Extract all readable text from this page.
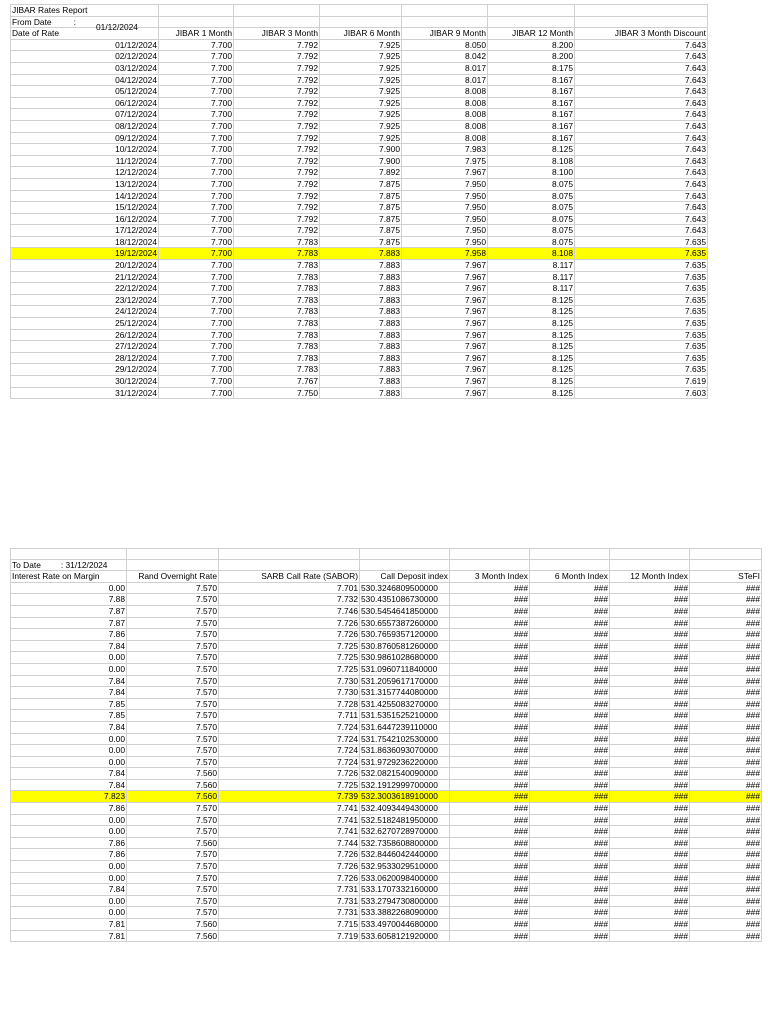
JIBAR Rates Report						
From Date :	01/12/2024					

Date of Rate	JIBAR 1 Month	JIBAR 3 Month	JIBAR 6 Month	JIBAR 9 Month	JIBAR 12 Month	JIBAR 3 Month Discount
01/12/2024	7.700	7.792	7.925	8.050	8.200	7.643
02/12/2024	7.700	7.792	7.925	8.042	8.200	7.643
03/12/2024	7.700	7.792	7.925	8.017	8.175	7.643
04/12/2024	7.700	7.792	7.925	8.017	8.167	7.643
05/12/2024	7.700	7.792	7.925	8.008	8.167	7.643
06/12/2024	7.700	7.792	7.925	8.008	8.167	7.643
07/12/2024	7.700	7.792	7.925	8.008	8.167	7.643
08/12/2024	7.700	7.792	7.925	8.008	8.167	7.643
09/12/2024	7.700	7.792	7.925	8.008	8.167	7.643
10/12/2024	7.700	7.792	7.900	7.983	8.125	7.643
11/12/2024	7.700	7.792	7.900	7.975	8.108	7.643
12/12/2024	7.700	7.792	7.892	7.967	8.100	7.643
13/12/2024	7.700	7.792	7.875	7.950	8.075	7.643
14/12/2024	7.700	7.792	7.875	7.950	8.075	7.643
15/12/2024	7.700	7.792	7.875	7.950	8.075	7.643
16/12/2024	7.700	7.792	7.875	7.950	8.075	7.643
17/12/2024	7.700	7.792	7.875	7.950	8.075	7.643
18/12/2024	7.700	7.783	7.875	7.950	8.075	7.635
19/12/2024	7.700	7.783	7.883	7.958	8.108	7.635
20/12/2024	7.700	7.783	7.883	7.967	8.117	7.635
21/12/2024	7.700	7.783	7.883	7.967	8.117	7.635
22/12/2024	7.700	7.783	7.883	7.967	8.117	7.635
23/12/2024	7.700	7.783	7.883	7.967	8.125	7.635
24/12/2024	7.700	7.783	7.883	7.967	8.125	7.635
25/12/2024	7.700	7.783	7.883	7.967	8.125	7.635
26/12/2024	7.700	7.783	7.883	7.967	8.125	7.635
27/12/2024	7.700	7.783	7.883	7.967	8.125	7.635
28/12/2024	7.700	7.783	7.883	7.967	8.125	7.635
29/12/2024	7.700	7.783	7.883	7.967	8.125	7.635
30/12/2024	7.700	7.767	7.883	7.967	8.125	7.619
31/12/2024	7.700	7.750	7.883	7.967	8.125	7.603

To Date : 31/12/2024							
Interest Rate on Margin	Rand Overnight Rate	SARB Call Rate (SABOR)	Call Deposit index	3 Month Index	6 Month Index	12 Month Index	STeFI
0.00	7.570	7.701	530.3246809500000	###	###	###	###
7.88	7.570	7.732	530.4351086730000	###	###	###	###
7.87	7.570	7.746	530.5454641850000	###	###	###	###
7.87	7.570	7.726	530.6557387260000	###	###	###	###
7.86	7.570	7.726	530.7659357120000	###	###	###	###
7.84	7.570	7.725	530.8760581260000	###	###	###	###
0.00	7.570	7.725	530.9861028680000	###	###	###	###
0.00	7.570	7.725	531.0960711840000	###	###	###	###
7.84	7.570	7.730	531.2059617170000	###	###	###	###
7.84	7.570	7.730	531.3157744080000	###	###	###	###
7.85	7.570	7.728	531.4255083270000	###	###	###	###
7.85	7.570	7.711	531.5351525210000	###	###	###	###
7.84	7.570	7.724	531.6447239110000	###	###	###	###
0.00	7.570	7.724	531.7542102530000	###	###	###	###
0.00	7.570	7.724	531.8636093070000	###	###	###	###
0.00	7.570	7.724	531.9729236220000	###	###	###	###
7.84	7.560	7.726	532.0821540090000	###	###	###	###
7.84	7.560	7.725	532.1912999700000	###	###	###	###
7.823	7.560	7.739	532.3003618910000	###	###	###	###
7.86	7.570	7.741	532.4093449430000	###	###	###	###
0.00	7.570	7.741	532.5182481950000	###	###	###	###
0.00	7.570	7.741	532.6270728970000	###	###	###	###
7.86	7.560	7.744	532.7358608800000	###	###	###	###
7.86	7.570	7.726	532.8446042440000	###	###	###	###
0.00	7.570	7.726	532.9533029510000	###	###	###	###
0.00	7.570	7.726	533.0620098400000	###	###	###	###
7.84	7.570	7.731	533.1707332160000	###	###	###	###
0.00	7.570	7.731	533.2794730800000	###	###	###	###
0.00	7.570	7.731	533.3882268090000	###	###	###	###
7.81	7.560	7.715	533.4970044680000	###	###	###	###
7.81	7.560	7.719	533.6058121920000	###	###	###	###
